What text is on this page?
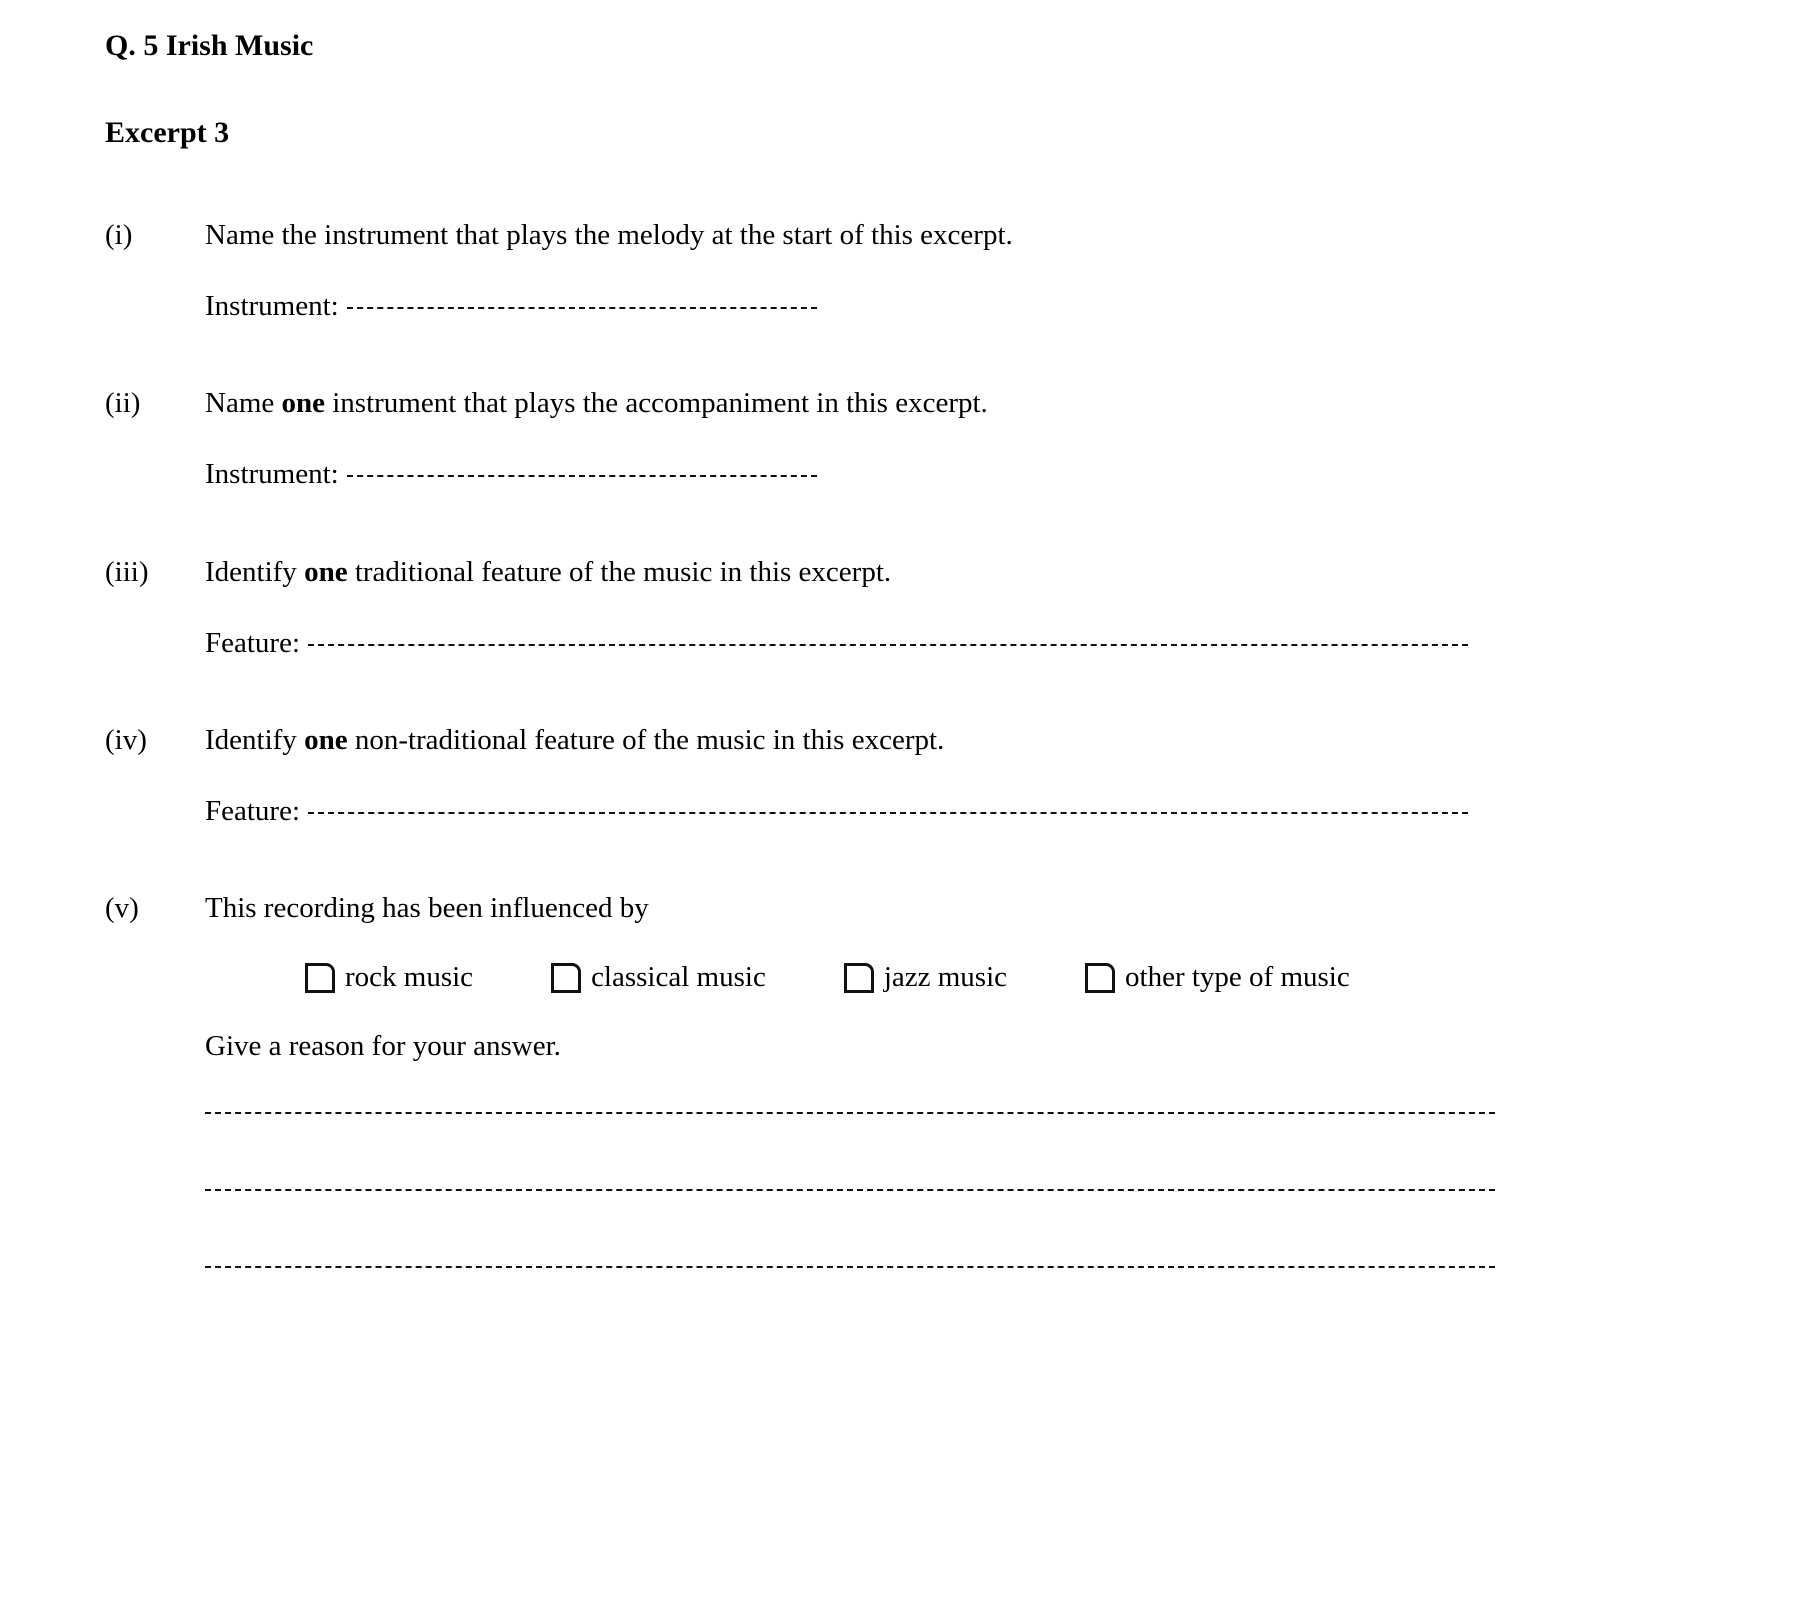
Q. 5 Irish Music
Excerpt 3
(i)	Name the instrument that plays the melody at the start of this excerpt.
Instrument:
(ii)	Name one instrument that plays the accompaniment in this excerpt.
Instrument:
(iii)	Identify one traditional feature of the music in this excerpt.
Feature:
(iv)	Identify one non-traditional feature of the music in this excerpt.
Feature:
(v)	This recording has been influenced by
rock music	classical music	jazz music	other type of music
Give a reason for your answer.
